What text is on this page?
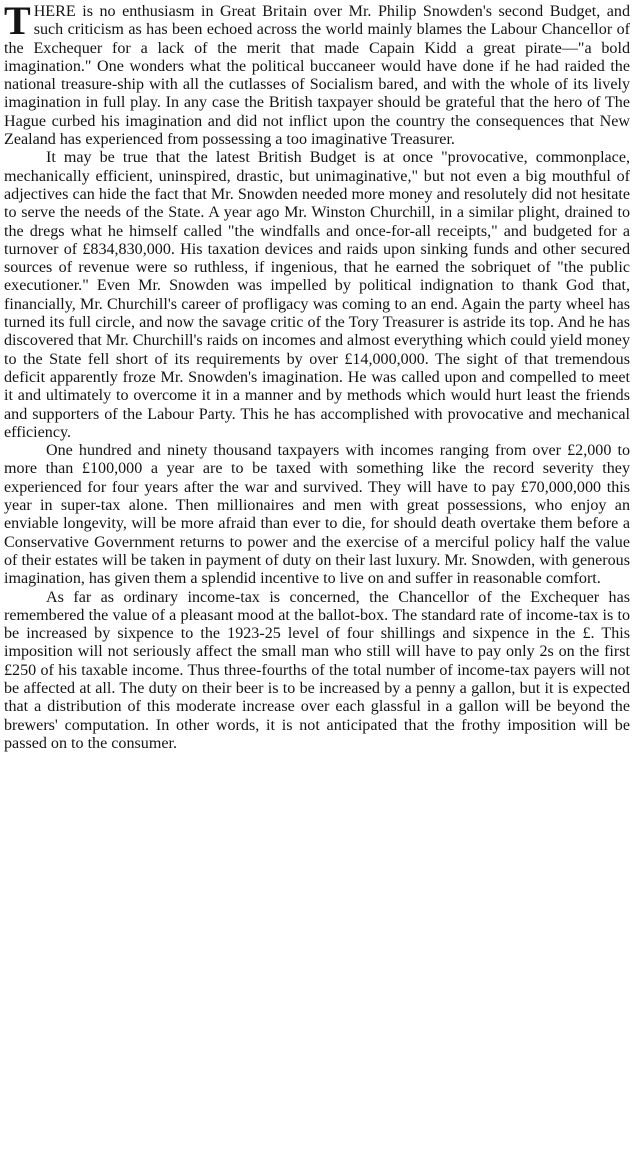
THERE is no enthusiasm in Great Britain over Mr. Philip Snowden's second Budget, and such criticism as has been echoed across the world mainly blames the Labour Chancellor of the Exchequer for a lack of the merit that made Capain Kidd a great pirate—"a bold imagination." One wonders what the political buccaneer would have done if he had raided the national treasure-ship with all the cutlasses of Socialism bared, and with the whole of its lively imagination in full play. In any case the British taxpayer should be grateful that the hero of The Hague curbed his imagination and did not inflict upon the country the consequences that New Zealand has experienced from possessing a too imaginative Treasurer.

It may be true that the latest British Budget is at once "provocative, commonplace, mechanically efficient, uninspired, drastic, but unimaginative," but not even a big mouthful of adjectives can hide the fact that Mr. Snowden needed more money and resolutely did not hesitate to serve the needs of the State. A year ago Mr. Winston Churchill, in a similar plight, drained to the dregs what he himself called "the windfalls and once-for-all receipts," and budgeted for a turnover of £834,830,000. His taxation devices and raids upon sinking funds and other secured sources of revenue were so ruthless, if ingenious, that he earned the sobriquet of "the public executioner." Even Mr. Snowden was impelled by political indignation to thank God that, financially, Mr. Churchill's career of profligacy was coming to an end. Again the party wheel has turned its full circle, and now the savage critic of the Tory Treasurer is astride its top. And he has discovered that Mr. Churchill's raids on incomes and almost everything which could yield money to the State fell short of its requirements by over £14,000,000. The sight of that tremendous deficit apparently froze Mr. Snowden's imagination. He was called upon and compelled to meet it and ultimately to overcome it in a manner and by methods which would hurt least the friends and supporters of the Labour Party. This he has accomplished with provocative and mechanical efficiency.

One hundred and ninety thousand taxpayers with incomes ranging from over £2,000 to more than £100,000 a year are to be taxed with something like the record severity they experienced for four years after the war and survived. They will have to pay £70,000,000 this year in super-tax alone. Then millionaires and men with great possessions, who enjoy an enviable longevity, will be more afraid than ever to die, for should death overtake them before a Conservative Government returns to power and the exercise of a merciful policy half the value of their estates will be taken in payment of duty on their last luxury. Mr. Snowden, with generous imagination, has given them a splendid incentive to live on and suffer in reasonable comfort.

As far as ordinary income-tax is concerned, the Chancellor of the Exchequer has remembered the value of a pleasant mood at the ballot-box. The standard rate of income-tax is to be increased by sixpence to the 1923-25 level of four shillings and sixpence in the £. This imposition will not seriously affect the small man who still will have to pay only 2s on the first £250 of his taxable income. Thus three-fourths of the total number of income-tax payers will not be affected at all. The duty on their beer is to be increased by a penny a gallon, but it is expected that a distribution of this moderate increase over each glassful in a gallon will be beyond the brewers' computation. In other words, it is not anticipated that the frothy imposition will be passed on to the consumer.
